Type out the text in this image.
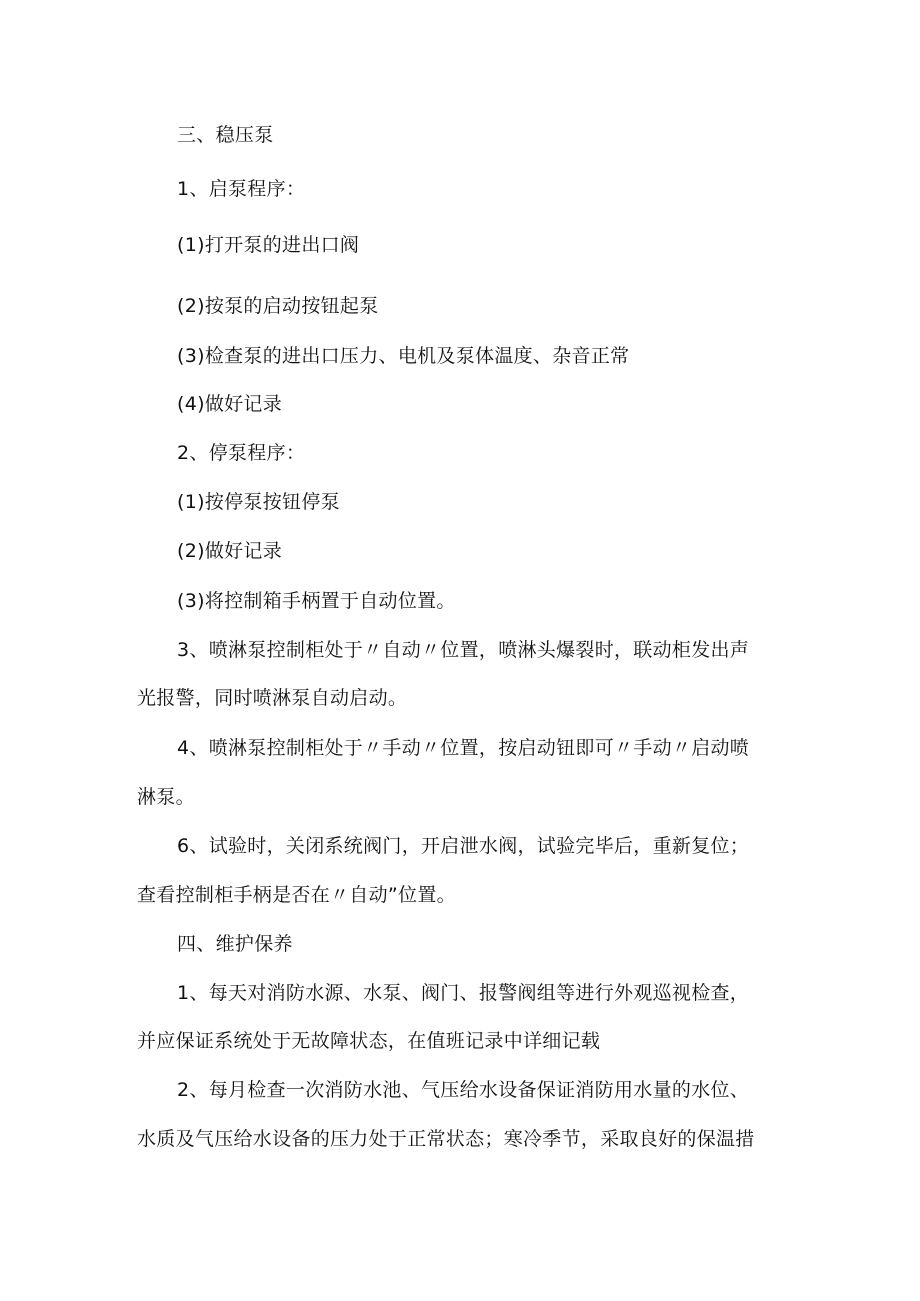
三、稳压泵
1、启泵程序：
(1)打开泵的进出口阀
(2)按泵的启动按钮起泵
(3)检查泵的进出口压力、电机及泵体温度、杂音正常
(4)做好记录
2、停泵程序：
(1)按停泵按钮停泵
(2)做好记录
(3)将控制箱手柄置于自动位置。
3、喷淋泵控制柜处于〃自动〃位置，喷淋头爆裂时，联动柜发出声
光报警，同时喷淋泵自动启动。
4、喷淋泵控制柜处于〃手动〃位置，按启动钮即可〃手动〃启动喷
淋泵。
6、试验时，关闭系统阀门，开启泄水阀，试验完毕后，重新复位；
查看控制柜手柄是否在〃自动”位置。
四、维护保养
1、每天对消防水源、水泵、阀门、报警阀组等进行外观巡视检查，
并应保证系统处于无故障状态，在值班记录中详细记载
2、每月检查一次消防水池、气压给水设备保证消防用水量的水位、
水质及气压给水设备的压力处于正常状态；寒冷季节，采取良好的保温措
